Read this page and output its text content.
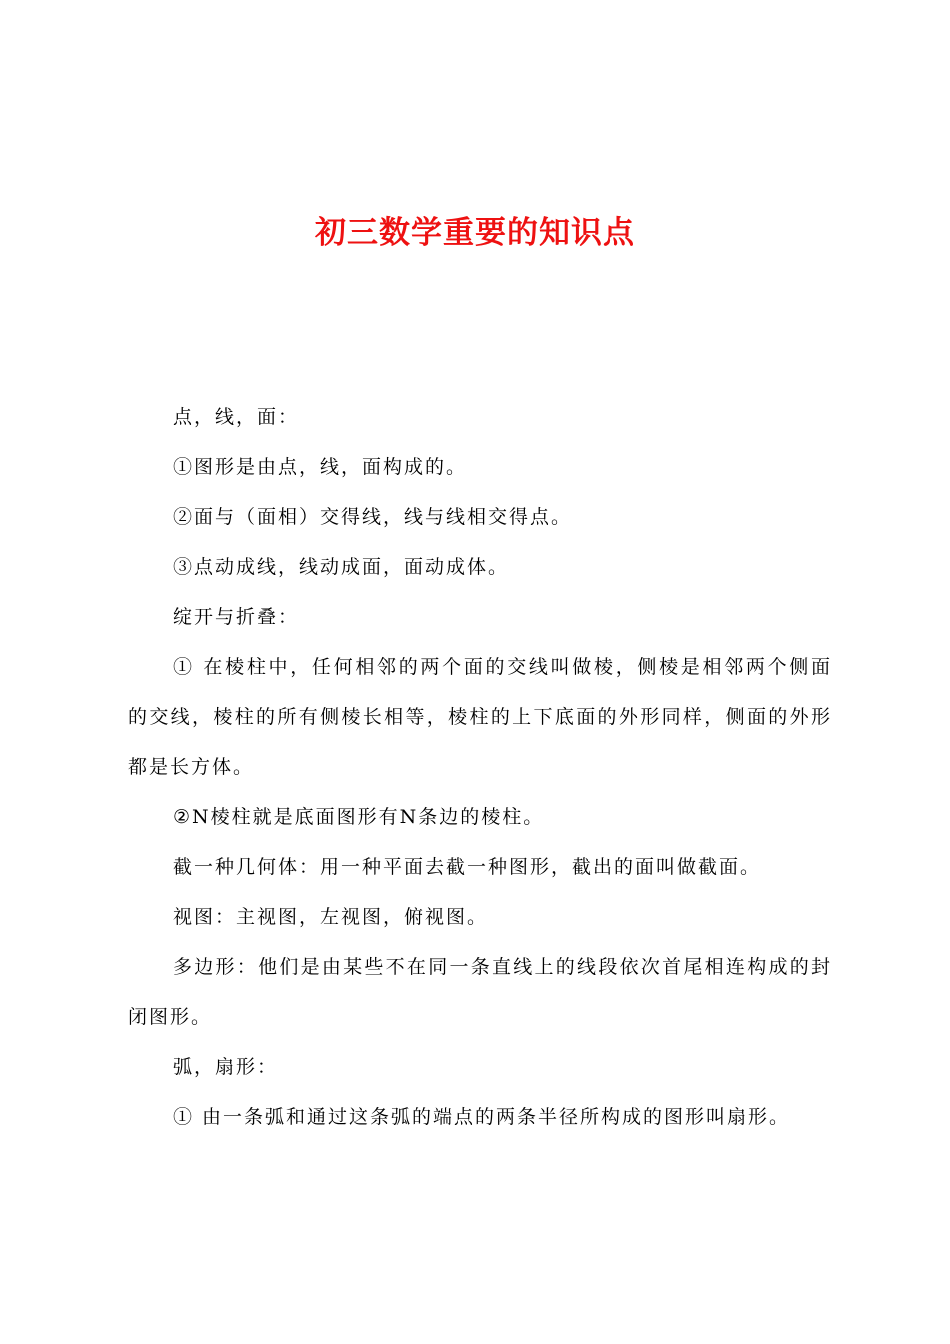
初三数学重要的知识点

点，线，面：

①图形是由点，线，面构成的。

②面与（面相）交得线，线与线相交得点。

③点动成线，线动成面，面动成体。

绽开与折叠：

① 在棱柱中，任何相邻的两个面的交线叫做棱，侧棱是相邻两个侧面的交线，棱柱的所有侧棱长相等，棱柱的上下底面的外形同样，侧面的外形都是长方体。

②N棱柱就是底面图形有N条边的棱柱。

截一种几何体：用一种平面去截一种图形，截出的面叫做截面。

视图：主视图，左视图，俯视图。

多边形：他们是由某些不在同一条直线上的线段依次首尾相连构成的封闭图形。

弧，扇形：

① 由一条弧和通过这条弧的端点的两条半径所构成的图形叫扇形。
